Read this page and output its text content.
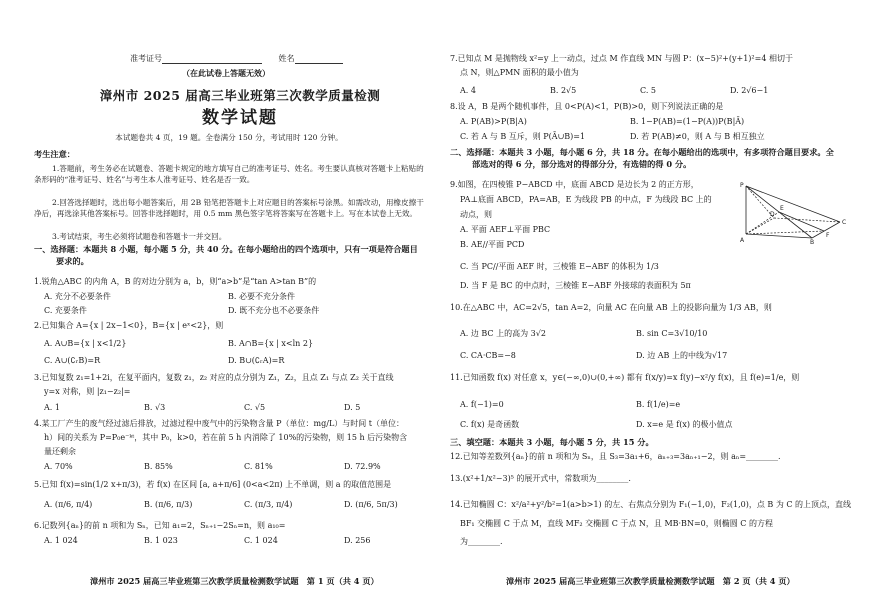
准考证号	姓名
（在此试卷上答题无效）
漳州市 2025 届高三毕业班第三次教学质量检测
数学试题
本试题卷共 4 页，19 题。全卷满分 150 分，考试用时 120 分钟。
考生注意：
1.答题前，考生务必在试题卷、答题卡规定的地方填写自己的准考证号、姓名。考生要认真核对答题卡上粘贴的条形码的“准考证号、姓名”与考生本人准考证号、姓名是否一致。
2.回答选择题时，选出每小题答案后，用 2B 铅笔把答题卡上对应题目的答案标号涂黑。如需改动，用橡皮擦干净后，再选涂其他答案标号。回答非选择题时，用 0.5 mm 黑色签字笔将答案写在答题卡上。写在本试卷上无效。
3.考试结束，考生必须将试题卷和答题卡一并交回。
一、选择题：本题共 8 小题，每小题 5 分，共 40 分。在每小题给出的四个选项中，只有一项是符合题目
要求的。
1.锐角△ABC 的内角 A，B 的对边分别为 a，b，则“a>b”是“tan A>tan B”的
A. 充分不必要条件	B. 必要不充分条件
C. 充要条件	D. 既不充分也不必要条件
2.已知集合 A={x | 2x−1<0}，B={x | eˣ<2}，则
A. A∪B={x | x<1/2}	B. A∩B={x | x<ln 2}
C. A∪(∁ᵣB)=R	D. B∪(∁ᵣA)=R
3.已知复数 z₁=1+2i，在复平面内，复数 z₁，z₂ 对应的点分别为 Z₁，Z₂，且点 Z₁ 与点 Z₂ 关于直线
y=x 对称，则 |z₁−z₂|=
A. 1	B. √3	C. √5	D. 5
4.某工厂产生的废气经过滤后排放，过滤过程中废气中的污染物含量 P（单位：mg/L）与时间 t（单位：
h）间的关系为 P=P₀e⁻ᵏᵗ，其中 P₀，k>0，若在前 5 h 内消除了 10%的污染物，则 15 h 后污染物含
量还剩余
A. 70%	B. 85%	C. 81%	D. 72.9%
5.已知 f(x)=sin(1/2 x+π/3)，若 f(x) 在区间 [a, a+π/6] (0<a<2π) 上不单调，则 a 的取值范围是
A. (π/6, π/4)	B. (π/6, π/3)	C. (π/3, π/4)	D. (π/6, 5π/3)
6.记数列{aₙ}的前 n 项和为 Sₙ，已知 a₁=2，Sₙ₊₁−2Sₙ=n，则 a₁₀=
A. 1 024	B. 1 023	C. 1 024	D. 256
漳州市 2025 届高三毕业班第三次教学质量检测数学试题　第 1 页（共 4 页）
7.已知点 M 是抛物线 x²=y 上一动点，过点 M 作直线 MN 与圆 P：(x−5)²+(y+1)²=4 相切于
点 N，则△PMN 面积的最小值为
A. 4	B. 2√5	C. 5	D. 2√6−1
8.设 A，B 是两个随机事件，且 0<P(A)<1，P(B)>0，则下列说法正确的是
A. P(AB)>P(B|A)	B. 1−P(AB)=(1−P(A))P(B|Ā)
C. 若 A 与 B 互斥，则 P(Ā∪B)=1	D. 若 P(AB)≠0，则 A 与 B 相互独立
二、选择题：本题共 3 小题，每小题 6 分，共 18 分。在每小题给出的选项中，有多项符合题目要求。全
部选对的得 6 分，部分选对的得部分分，有选错的得 0 分。
9.如图，在四棱锥 P−ABCD 中，底面 ABCD 是边长为 2 的正方形，
PA⊥底面 ABCD，PA=AB，E 为线段 PB 的中点，F 为线段 BC 上的
动点，则
A. 平面 AEF⊥平面 PBC
B. AE//平面 PCD
C. 当 PC//平面 AEF 时，三棱锥 E−ABF 的体积为 1/3
D. 当 F 是 BC 的中点时，三棱锥 E−ABF 外接球的表面积为 5π
P
E
D
A	B
F
C
10.在△ABC 中，AC=2√5，tan A=2，向量 AC 在向量 AB 上的投影向量为 1/3 AB，则
A. 边 BC 上的高为 3√2	B. sin C=3√10/10
C. CA·CB=−8	D. 边 AB 上的中线为√17
11.已知函数 f(x) 对任意 x，y∈(−∞,0)∪(0,+∞) 都有 f(x/y)=x f(y)−x²/y f(x)，且 f(e)=1/e，则
A. f(−1)=0	B. f(1/e)=e
C. f(x) 是奇函数	D. x=e 是 f(x) 的极小值点
三、填空题：本题共 3 小题，每小题 5 分，共 15 分。
12.已知等差数列{aₙ}的前 n 项和为 Sₙ，且 S₃=3a₁+6，aₙ₊₃=3aₙ₊₁−2，则 aₙ=________.
13.(x²+1/x²−3)⁵ 的展开式中，常数项为________.
14.已知椭圆 C：x²/a²+y²/b²=1(a>b>1) 的左、右焦点分别为 F₁(−1,0)，F₂(1,0)，点 B 为 C 的上顶点，直线
BF₁ 交椭圆 C 于点 M，直线 MF₂ 交椭圆 C 于点 N，且 MB·BN=0，则椭圆 C 的方程
为________.
漳州市 2025 届高三毕业班第三次教学质量检测数学试题　第 2 页（共 4 页）
